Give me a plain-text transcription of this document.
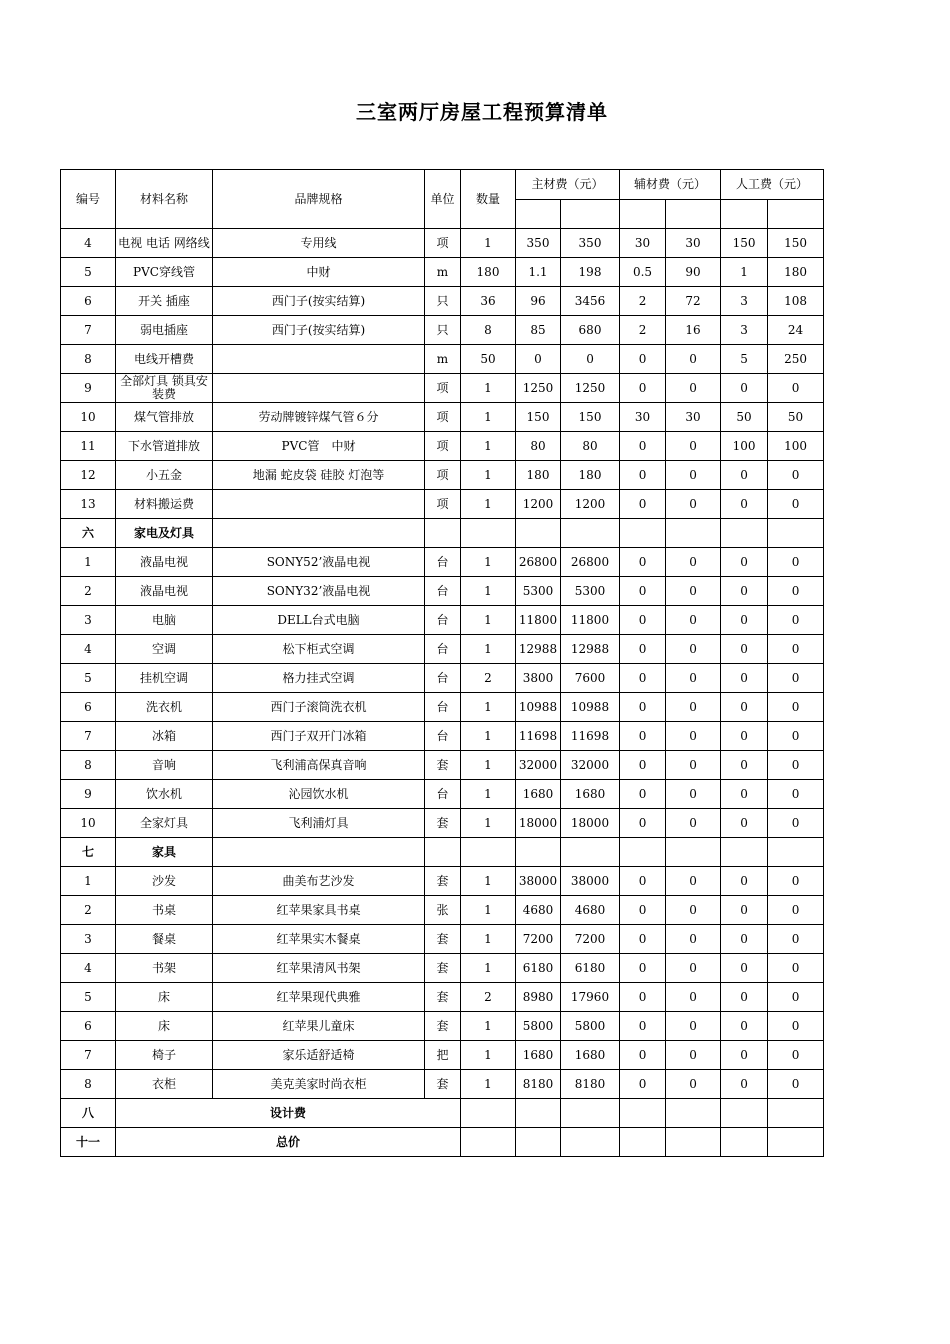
三室两厅房屋工程预算清单
编号	材料名称	品牌规格	单位	数量	主材费（元）		辅材费（元）		人工费（元）	

4	电视 电话 网络线	专用线	项	1	350	350	30	30	150	150
5	PVC穿线管	中财	m	180	1.1	198	0.5	90	1	180
6	开关 插座	西门子(按实结算)	只	36	96	3456	2	72	3	108
7	弱电插座	西门子(按实结算)	只	8	85	680	2	16	3	24
8	电线开槽费		m	50	0	0	0	0	5	250
9	全部灯具 锁具安装费		项	1	1250	1250	0	0	0	0
10	煤气管排放	劳动牌镀锌煤气管６分	项	1	150	150	30	30	50	50
11	下水管道排放	PVC管　中财	项	1	80	80	0	0	100	100
12	小五金	地漏 蛇皮袋 硅胶 灯泡等	项	1	180	180	0	0	0	0
13	材料搬运费		项	1	1200	1200	0	0	0	0
六	家电及灯具									
1	液晶电视	SONY52’液晶电视	台	1	26800	26800	0	0	0	0
2	液晶电视	SONY32’液晶电视	台	1	5300	5300	0	0	0	0
3	电脑	DELL台式电脑	台	1	11800	11800	0	0	0	0
4	空调	松下柜式空调	台	1	12988	12988	0	0	0	0
5	挂机空调	格力挂式空调	台	2	3800	7600	0	0	0	0
6	洗衣机	西门子滚筒洗衣机	台	1	10988	10988	0	0	0	0
7	冰箱	西门子双开门冰箱	台	1	11698	11698	0	0	0	0
8	音响	飞利浦高保真音响	套	1	32000	32000	0	0	0	0
9	饮水机	沁园饮水机	台	1	1680	1680	0	0	0	0
10	全家灯具	飞利浦灯具	套	1	18000	18000	0	0	0	0
七	家具									
1	沙发	曲美布艺沙发	套	1	38000	38000	0	0	0	0
2	书桌	红苹果家具书桌	张	1	4680	4680	0	0	0	0
3	餐桌	红苹果实木餐桌	套	1	7200	7200	0	0	0	0
4	书架	红苹果清风书架	套	1	6180	6180	0	0	0	0
5	床	红苹果现代典雅	套	2	8980	17960	0	0	0	0
6	床	红苹果儿童床	套	1	5800	5800	0	0	0	0
7	椅子	家乐适舒适椅	把	1	1680	1680	0	0	0	0
8	衣柜	美克美家时尚衣柜	套	1	8180	8180	0	0	0	0
八	设计费									
十一	总价									
